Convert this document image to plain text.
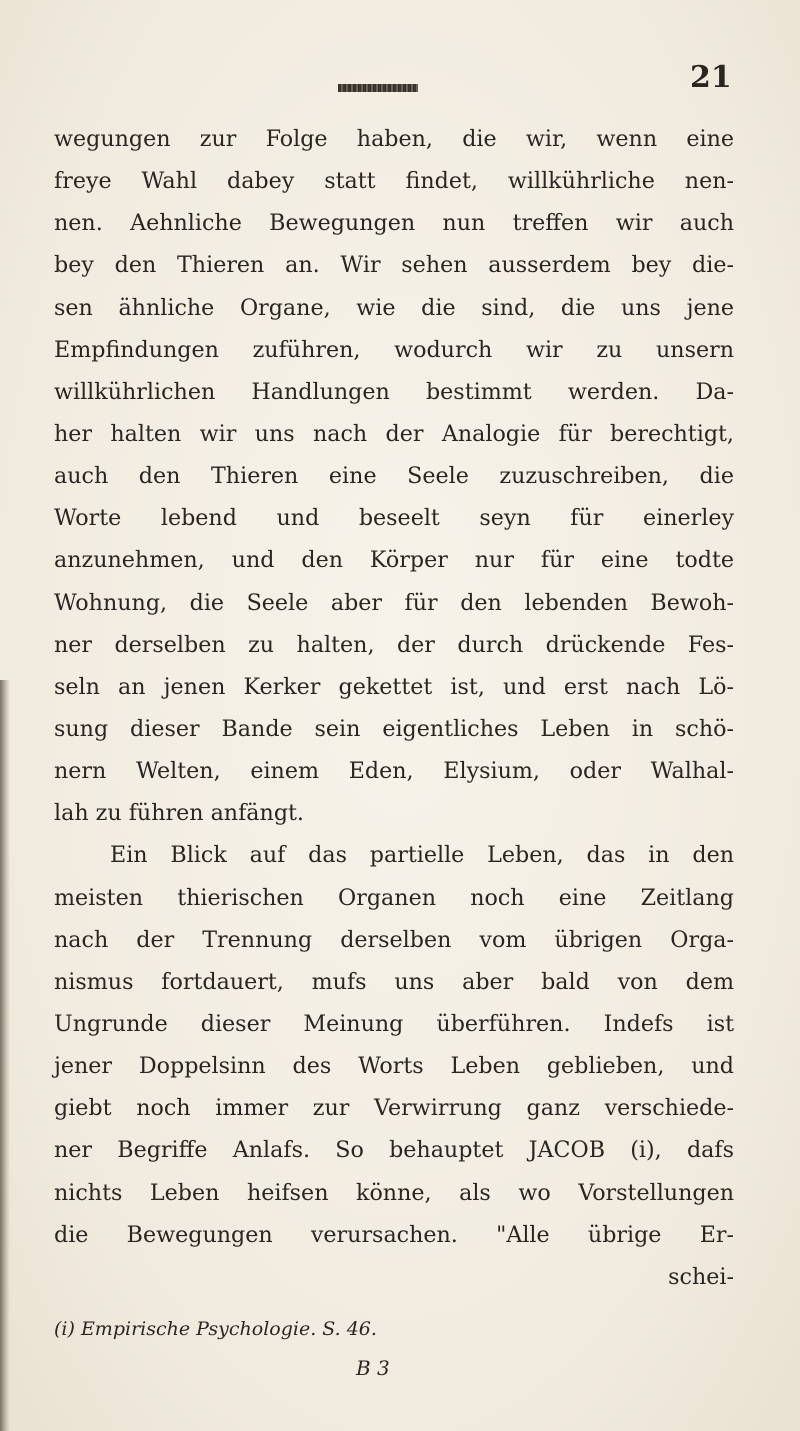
21
wegungen zur Folge haben, die wir, wenn eine
freye Wahl dabey statt findet, willkührliche nen-
nen. Aehnliche Bewegungen nun treffen wir auch
bey den Thieren an. Wir sehen ausserdem bey die-
sen ähnliche Organe, wie die sind, die uns jene
Empfindungen zuführen, wodurch wir zu unsern
willkührlichen Handlungen bestimmt werden. Da-
her halten wir uns nach der Analogie für berechtigt,
auch den Thieren eine Seele zuzuschreiben, die
Worte lebend und beseelt seyn für einerley
anzunehmen, und den Körper nur für eine todte
Wohnung, die Seele aber für den lebenden Bewoh-
ner derselben zu halten, der durch drückende Fes-
seln an jenen Kerker gekettet ist, und erst nach Lö-
sung dieser Bande sein eigentliches Leben in schö-
nern Welten, einem Eden, Elysium, oder Walhal-
lah zu führen anfängt.
Ein Blick auf das partielle Leben, das in den
meisten thierischen Organen noch eine Zeitlang
nach der Trennung derselben vom übrigen Orga-
nismus fortdauert, mufs uns aber bald von dem
Ungrunde dieser Meinung überführen. Indefs ist
jener Doppelsinn des Worts Leben geblieben, und
giebt noch immer zur Verwirrung ganz verschiede-
ner Begriffe Anlafs. So behauptet JACOB (i), dafs
nichts Leben heifsen könne, als wo Vorstellungen
die Bewegungen verursachen. "Alle übrige Er-
schei-
(i) Empirische Psychologie. S. 46.
B 3
